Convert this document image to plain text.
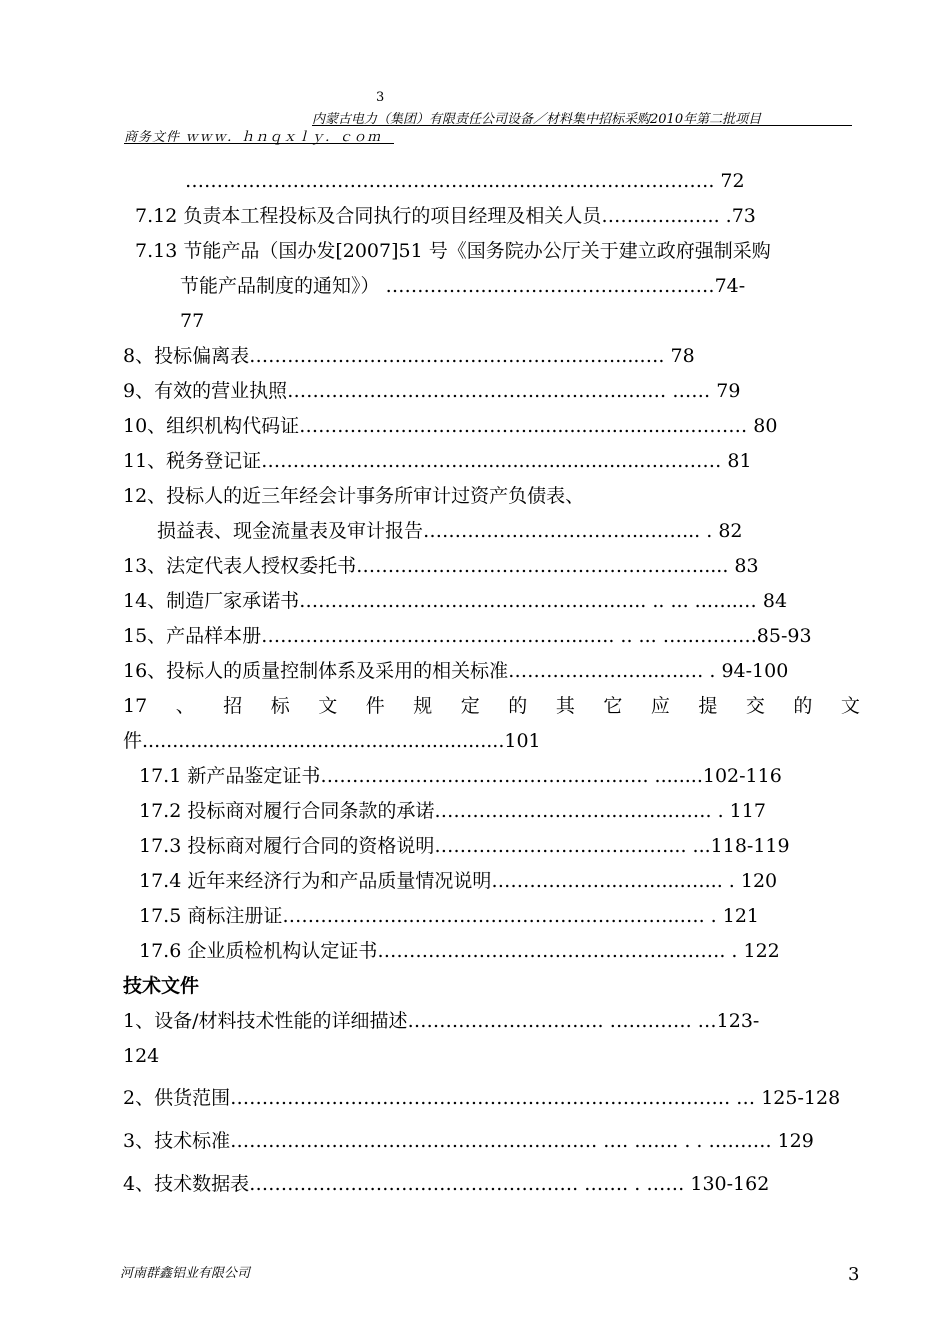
3
内蒙古电力（集团）有限责任公司设备／材料集中招标采购2010年第二批项目
商务文件 ｗｗｗ．ｈｎｑｘｌｙ．ｃｏｍ
………………………………………......…..………………………. 72
7.12 负责本工程投标及合同执行的项目经理及相关人员……..…...….. .73
7.13 节能产品（国办发[2007]51 号《国务院办公厅关于建立政府强制采购
节能产品制度的通知》） …………….………………………………74-
77
8、投标偏离表……………………..……………………..……....…. 78
9、有效的营业执照………………………………….…………..…… …… 79
10、组织机构代码证………………………………...........................……… 80
11、税务登记证…………………………….............................………… 81
12、投标人的近三年经会计事务所审计过资产负债表、
损益表、现金流量表及审计报告……………………………..……... . 82
13、法定代表人授权委托书………………………………………………..... 83
14、制造厂家承诺书…………………………………………..….. .. ... ..…..… 84
15、产品样本册…………………………………………...….. .. ... …..……….85-93
16、投标人的质量控制体系及采用的相关标准……………….…..….… . 94-100
17 、 招 标 文 件 规 定 的 其 它 应 提 交 的 文
件............................................................101
17.1 新产品鉴定证书………………………………….…….….. ........102-116
17.2 投标商对履行合同条款的承诺………………………..……..……. . 117
17.3 投标商对履行合同的资格说明………………………….……... ...118-119
17.4 近年来经济行为和产品质量情况说明………………..…….....…... . 120
17.5 商标注册证………………..……….……………….…………..…. . 121
17.6 企业质检机构认定证书………………………………………………. . 122
技术文件
1、设备/材料技术性能的详细描述…………………………. …………. …123-
124
2、供货范围……………………………………………………………………. … 125-128
3、技术标准…………………………………………………. …. ……. . . ………. 129
4、技术数据表……………………………………………. ……. . …… 130-162
河南群鑫铝业有限公司	3
